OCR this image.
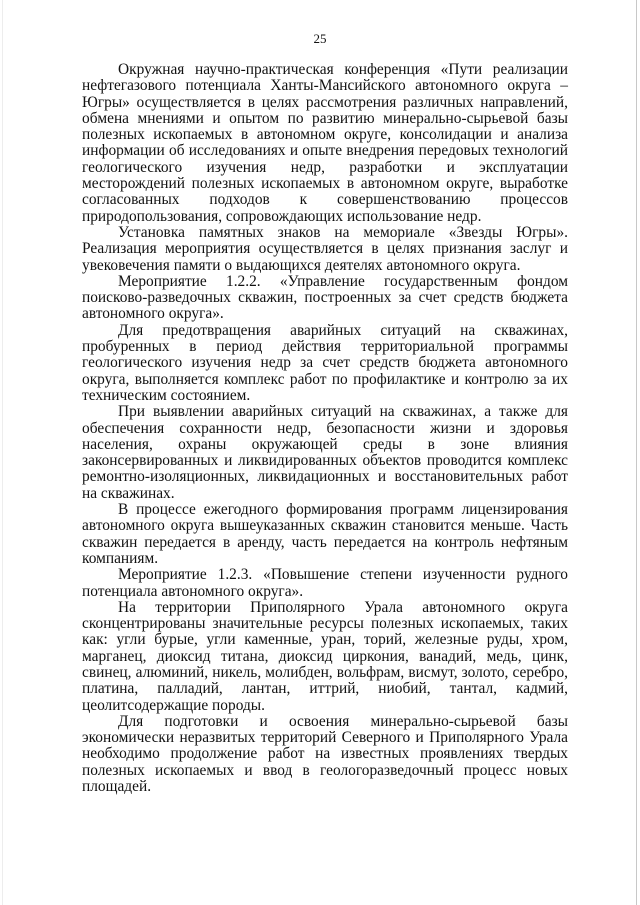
25

Окружная научно-практическая конференция «Пути реализации нефтегазового потенциала Ханты-Мансийского автономного округа – Югры» осуществляется в целях рассмотрения различных направлений, обмена мнениями и опытом по развитию минерально-сырьевой базы полезных ископаемых в автономном округе, консолидации и анализа информации об исследованиях и опыте внедрения передовых технологий геологического изучения недр, разработки и эксплуатации месторождений полезных ископаемых в автономном округе, выработке согласованных подходов к совершенствованию процессов природопользования, сопровождающих использование недр.

Установка памятных знаков на мемориале «Звезды Югры». Реализация мероприятия осуществляется в целях признания заслуг и увековечения памяти о выдающихся деятелях автономного округа.

Мероприятие 1.2.2. «Управление государственным фондом поисково-разведочных скважин, построенных за счет средств бюджета автономного округа».

Для предотвращения аварийных ситуаций на скважинах, пробуренных в период действия территориальной программы геологического изучения недр за счет средств бюджета автономного округа, выполняется комплекс работ по профилактике и контролю за их техническим состоянием.

При выявлении аварийных ситуаций на скважинах, а также для обеспечения сохранности недр, безопасности жизни и здоровья населения, охраны окружающей среды в зоне влияния законсервированных и ликвидированных объектов проводится комплекс ремонтно-изоляционных, ликвидационных и восстановительных работ на скважинах.

В процессе ежегодного формирования программ лицензирования автономного округа вышеуказанных скважин становится меньше. Часть скважин передается в аренду, часть передается на контроль нефтяным компаниям.

Мероприятие 1.2.3. «Повышение степени изученности рудного потенциала автономного округа».

На территории Приполярного Урала автономного округа сконцентрированы значительные ресурсы полезных ископаемых, таких как: угли бурые, угли каменные, уран, торий, железные руды, хром, марганец, диоксид титана, диоксид циркония, ванадий, медь, цинк, свинец, алюминий, никель, молибден, вольфрам, висмут, золото, серебро, платина, палладий, лантан, иттрий, ниобий, тантал, кадмий, цеолитсодержащие породы.

Для подготовки и освоения минерально-сырьевой базы экономически неразвитых территорий Северного и Приполярного Урала необходимо продолжение работ на известных проявлениях твердых полезных ископаемых и ввод в геологоразведочный процесс новых площадей.
